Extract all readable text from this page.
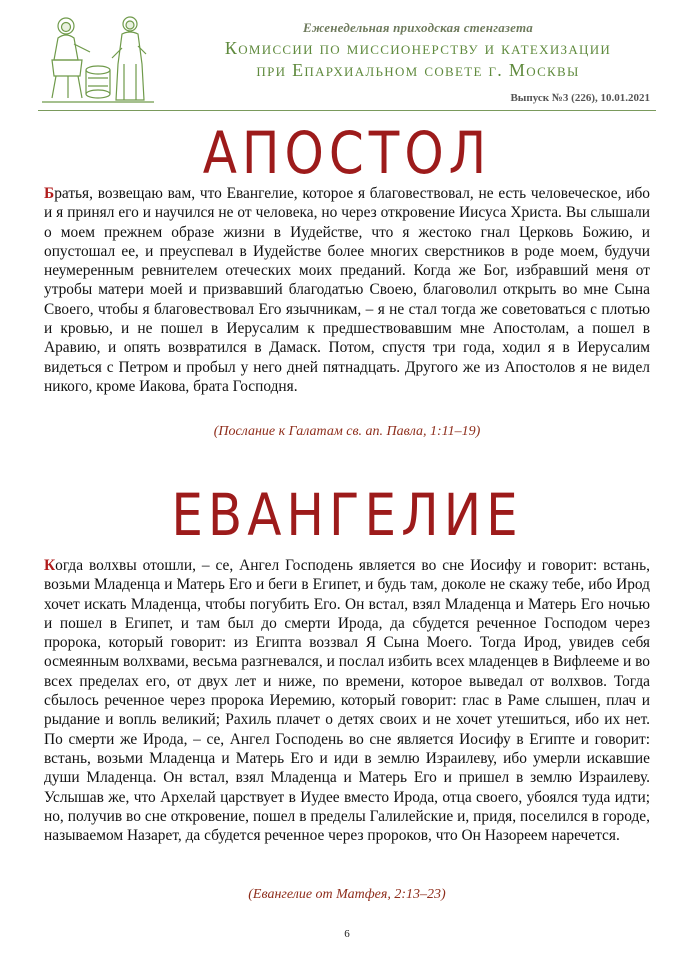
Еженедельная приходская стенгазета
Комиссии по миссионерству и катехизации
при Епархиальном совете г. Москвы
Выпуск №3 (226), 10.01.2021
АПОСТОЛ
Братья, возвещаю вам, что Евангелие, которое я благовествовал, не есть человеческое, ибо и я принял его и научился не от человека, но через откровение Иисуса Христа. Вы слышали о моем прежнем образе жизни в Иудействе, что я жестоко гнал Церковь Божию, и опустошал ее, и преуспевал в Иудействе более многих сверстников в роде моем, будучи неумеренным ревнителем отеческих моих преданий. Когда же Бог, избравший меня от утробы матери моей и призвавший благодатью Своею, благоволил открыть во мне Сына Своего, чтобы я благовествовал Его язычникам, – я не стал тогда же советоваться с плотью и кровью, и не пошел в Иерусалим к предшествовавшим мне Апостолам, а пошел в Аравию, и опять возвратился в Дамаск. Потом, спустя три года, ходил я в Иерусалим видеться с Петром и пробыл у него дней пятнадцать. Другого же из Апостолов я не видел никого, кроме Иакова, брата Господня.
(Послание к Галатам св. ап. Павла, 1:11–19)
ЕВАНГЕЛИЕ
Когда волхвы отошли, – се, Ангел Господень является во сне Иосифу и говорит: встань, возьми Младенца и Матерь Его и беги в Египет, и будь там, доколе не скажу тебе, ибо Ирод хочет искать Младенца, чтобы погубить Его. Он встал, взял Младенца и Матерь Его ночью и пошел в Египет, и там был до смерти Ирода, да сбудется реченное Господом через пророка, который говорит: из Египта воззвал Я Сына Моего. Тогда Ирод, увидев себя осмеянным волхвами, весьма разгневался, и послал избить всех младенцев в Вифлееме и во всех пределах его, от двух лет и ниже, по времени, которое выведал от волхвов. Тогда сбылось реченное через пророка Иеремию, который говорит: глас в Раме слышен, плач и рыдание и вопль великий; Рахиль плачет о детях своих и не хочет утешиться, ибо их нет. По смерти же Ирода, – се, Ангел Господень во сне является Иосифу в Египте и говорит: встань, возьми Младенца и Матерь Его и иди в землю Израилеву, ибо умерли искавшие души Младенца. Он встал, взял Младенца и Матерь Его и пришел в землю Израилеву. Услышав же, что Архелай царствует в Иудее вместо Ирода, отца своего, убоялся туда идти; но, получив во сне откровение, пошел в пределы Галилейские и, придя, поселился в городе, называемом Назарет, да сбудется реченное через пророков, что Он Назореем наречется.
(Евангелие от Матфея, 2:13–23)
6
